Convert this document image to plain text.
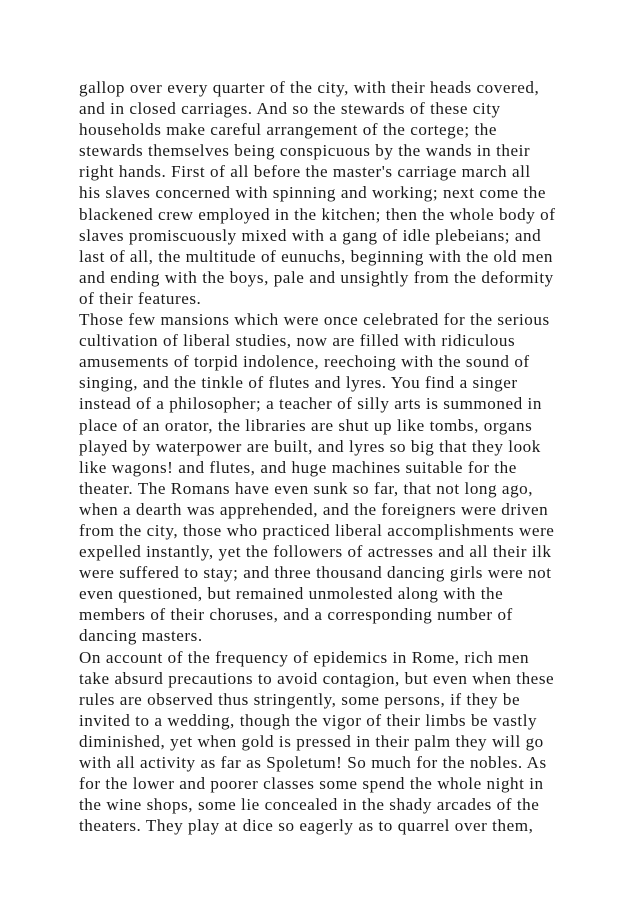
gallop over every quarter of the city, with their heads covered,
and in closed carriages. And so the stewards of these city
households make careful arrangement of the cortege; the
stewards themselves being conspicuous by the wands in their
right hands. First of all before the master's carriage march all
his slaves concerned with spinning and working; next come the
blackened crew employed in the kitchen; then the whole body of
slaves promiscuously mixed with a gang of idle plebeians; and
last of all, the multitude of eunuchs, beginning with the old men
and ending with the boys, pale and unsightly from the deformity
of their features.
Those few mansions which were once celebrated for the serious
cultivation of liberal studies, now are filled with ridiculous
amusements of torpid indolence, reechoing with the sound of
singing, and the tinkle of flutes and lyres. You find a singer
instead of a philosopher; a teacher of silly arts is summoned in
place of an orator, the libraries are shut up like tombs, organs
played by waterpower are built, and lyres so big that they look
like wagons! and flutes, and huge machines suitable for the
theater. The Romans have even sunk so far, that not long ago,
when a dearth was apprehended, and the foreigners were driven
from the city, those who practiced liberal accomplishments were
expelled instantly, yet the followers of actresses and all their ilk
were suffered to stay; and three thousand dancing girls were not
even questioned, but remained unmolested along with the
members of their choruses, and a corresponding number of
dancing masters.
On account of the frequency of epidemics in Rome, rich men
take absurd precautions to avoid contagion, but even when these
rules are observed thus stringently, some persons, if they be
invited to a wedding, though the vigor of their limbs be vastly
diminished, yet when gold is pressed in their palm they will go
with all activity as far as Spoletum! So much for the nobles. As
for the lower and poorer classes some spend the whole night in
the wine shops, some lie concealed in the shady arcades of the
theaters. They play at dice so eagerly as to quarrel over them,
